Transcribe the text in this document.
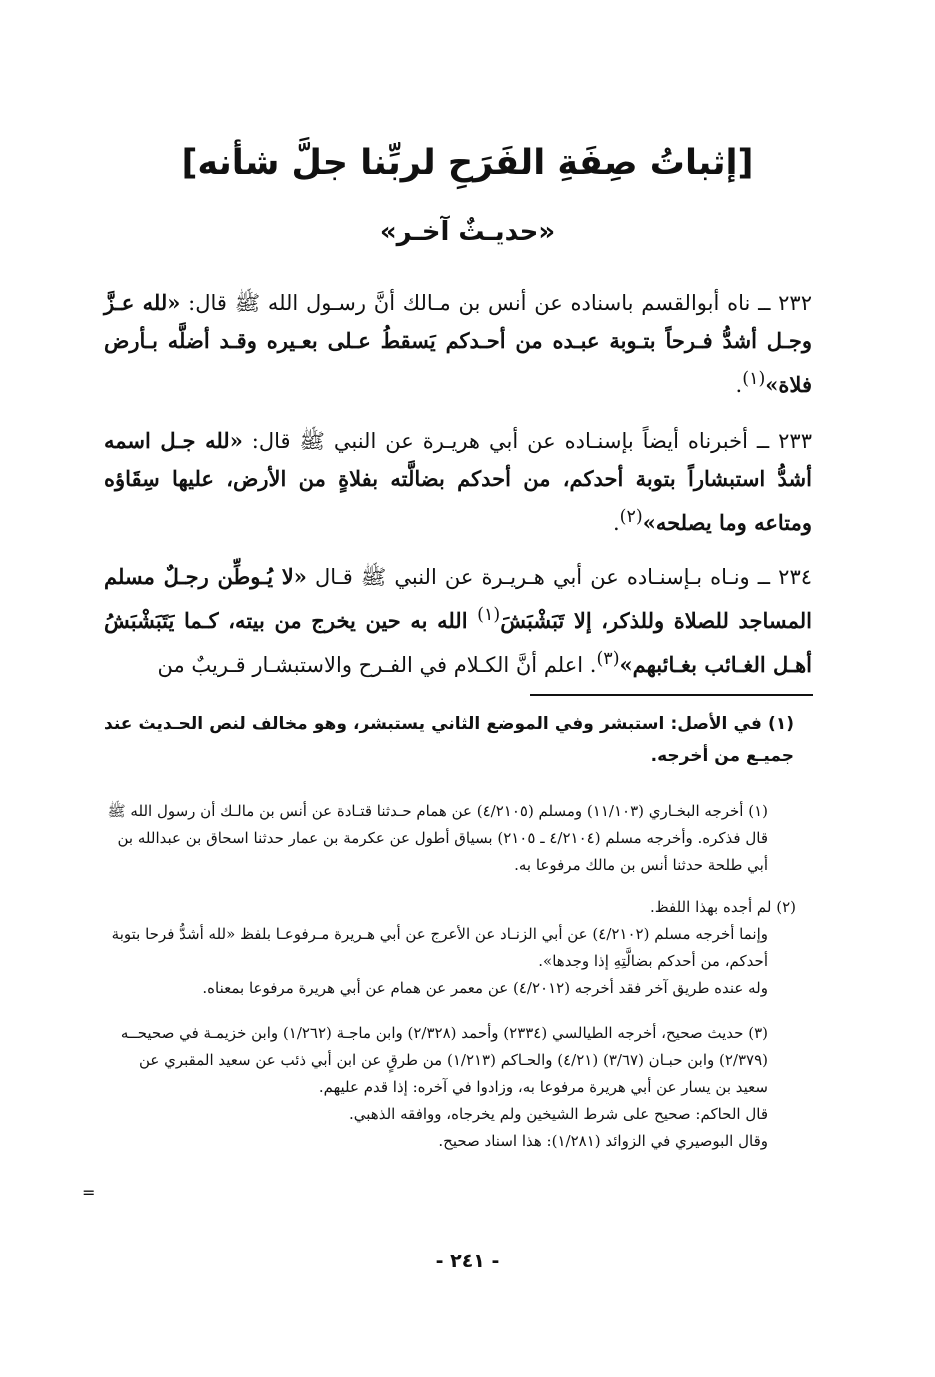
[إثباتُ صِفَةِ الفَرَحِ لربِّنا جلَّ شأنه]
«حديـثٌ آخـر»

٢٣٢ ــ ناه أبوالقسم باسناده عن أنس بن مـالك أنَّ رسـول الله ﷺ قال: «لله عـزَّ وجـل أشدُّ فـرحاً بتـوبة عبـده من أحـدكم يَسقطُ عـلى بعـيره وقـد أضلَّه بـأرض فلاة»$^{(١)}$.

٢٣٣ ــ أخبرناه أيضاً بإسنـاده عن أبي هريـرة عن النبي ﷺ قال: «لله جـل اسمه أشدُّ استبشاراً بتوبة أحدكم، من أحدكم بضالَّته بفلاةٍ من الأرض، عليها سِقَاؤه ومتاعه وما يصلحه»$^{(٢)}$.

٢٣٤ ــ ونـاه بـإسنـاده عن أبي هـريـرة عن النبي ﷺ قـال «لا يُـوطِّن رجـلٌ مسلم المساجد للصلاة وللذكر، إلا تَبَشْبَشَ$^{(١)}$ الله به حين يخرج من بيته، كـما يَتَبَشْبَشُ أهـل الغـائب بغـائبهم»$^{(٣)}$. اعلم أنَّ الكـلام في الفـرح والاستبشـار قـريبٌ من

(١) في الأصل: استبشر وفي الموضع الثاني يستبشر، وهو مخالف لنص الحـديث عند جميـع من أخرجه.

(١) أخرجه البخـاري (١١/١٠٣) ومسلم (٤/٢١٠٥) عن همام حـدثنا قتـادة عن أنس بن مالـك أن رسول الله ﷺ قال فذكره. وأخرجه مسلم (٤/٢١٠٤ ـ ٢١٠٥) بسياق أطول عن عكرمة بن عمار حدثنا اسحاق بن عبدالله بن أبي طلحة حدثنا أنس بن مالك مرفوعا به.

(٢) لم أجده بهذا اللفظ.

وإنما أخرجه مسلم (٤/٢١٠٢) عن أبي الزنـاد عن الأعرج عن أبي هـريرة مـرفوعـا بلفظ «لله أشدُّ فرحا بتوبة أحدكم، من أحدكم بضالَّتِهِ إذا وجدها».

وله عنده طريق آخر فقد أخرجه (٤/٢٠١٢) عن معمر عن همام عن أبي هريرة مرفوعا بمعناه.

(٣) حديث صحيح، أخرجه الطيالسي (٢٣٣٤) وأحمد (٢/٣٢٨) وابن ماجـة (١/٢٦٢) وابن خزيمـة في صحيحــه (٢/٣٧٩) وابن حبـان (٣/٦٧) (٤/٢١) والحـاكم (١/٢١٣) من طرقٍ عن ابن أبي ذئب عن سعيد المقبري عن سعيد بن يسار عن أبي هريرة مرفوعا به، وزادوا في آخره: إذا قدم عليهم.

قال الحاكم: صحيح على شرط الشيخين ولم يخرجاه، ووافقه الذهبي.

وقال البوصيري في الزوائد (١/٢٨١): هذا اسناد صحيح.

=
- ٢٤١ -
